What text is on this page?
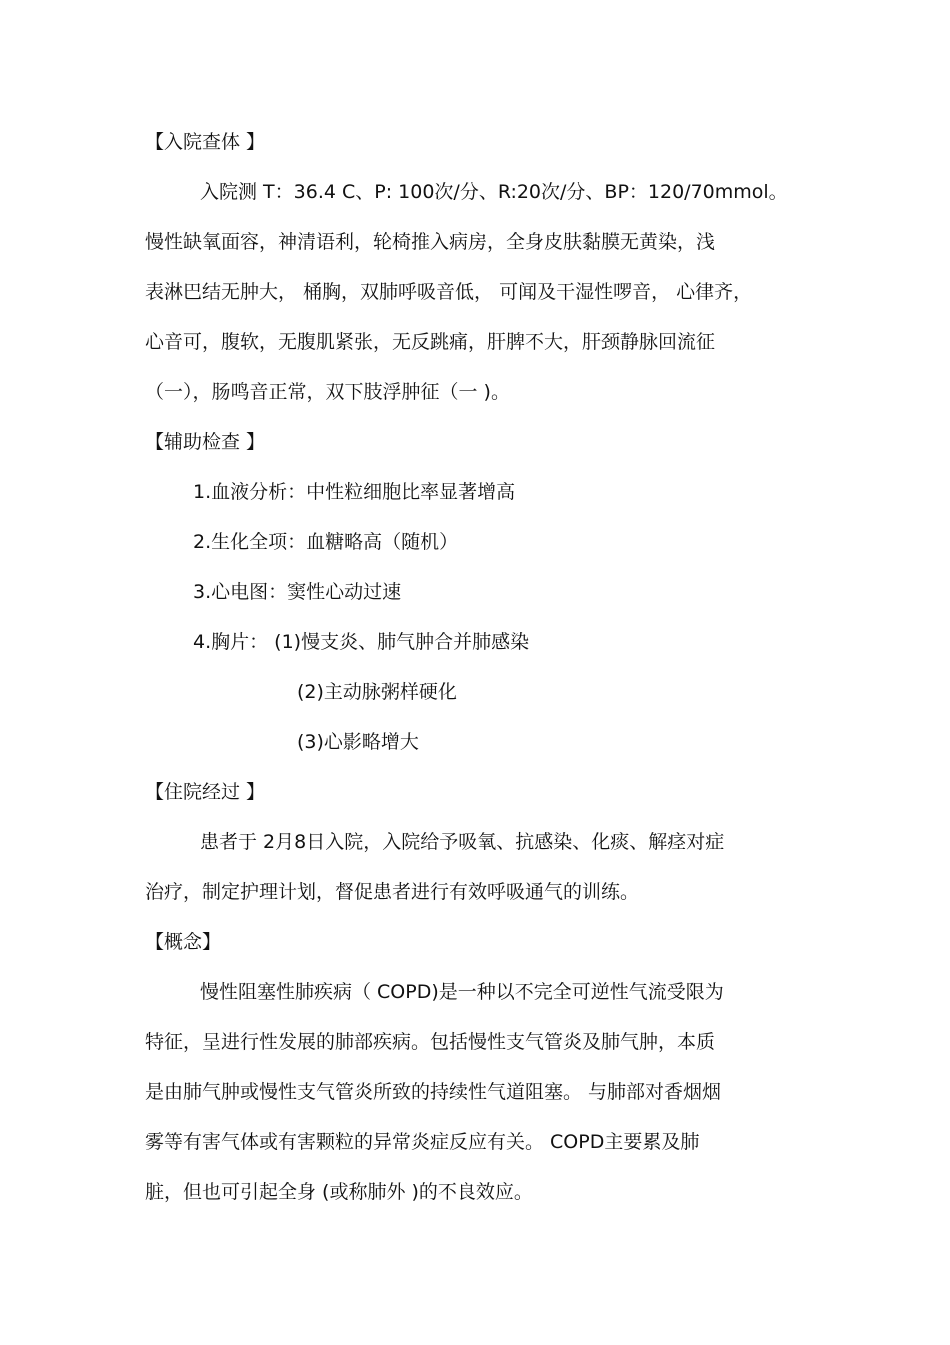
【入院查体 】
入院测 T：36.4 C、P: 100次/分、R:20次/分、BP：120/70mmol。
慢性缺氧面容，神清语利，轮椅推入病房，全身皮肤黏膜无黄染，浅
表淋巴结无肿大， 桶胸，双肺呼吸音低， 可闻及干湿性啰音， 心律齐，
心音可，腹软，无腹肌紧张，无反跳痛，肝脾不大，肝颈静脉回流征
（一），肠鸣音正常，双下肢浮肿征（一 )。
【辅助检查 】
1.血液分析：中性粒细胞比率显著增高
2.生化全项：血糖略高（随机）
3.心电图：窦性心动过速
4.胸片： (1)慢支炎、肺气肿合并肺感染
(2)主动脉粥样硬化
(3)心影略增大
【住院经过 】
患者于 2月8日入院，入院给予吸氧、抗感染、化痰、解痉对症
治疗，制定护理计划，督促患者进行有效呼吸通气的训练。
【概念】
慢性阻塞性肺疾病（ COPD)是一种以不完全可逆性气流受限为
特征，呈进行性发展的肺部疾病。包括慢性支气管炎及肺气肿，本质
是由肺气肿或慢性支气管炎所致的持续性气道阻塞。 与肺部对香烟烟
雾等有害气体或有害颗粒的异常炎症反应有关。 COPD主要累及肺
脏，但也可引起全身 (或称肺外 )的不良效应。
